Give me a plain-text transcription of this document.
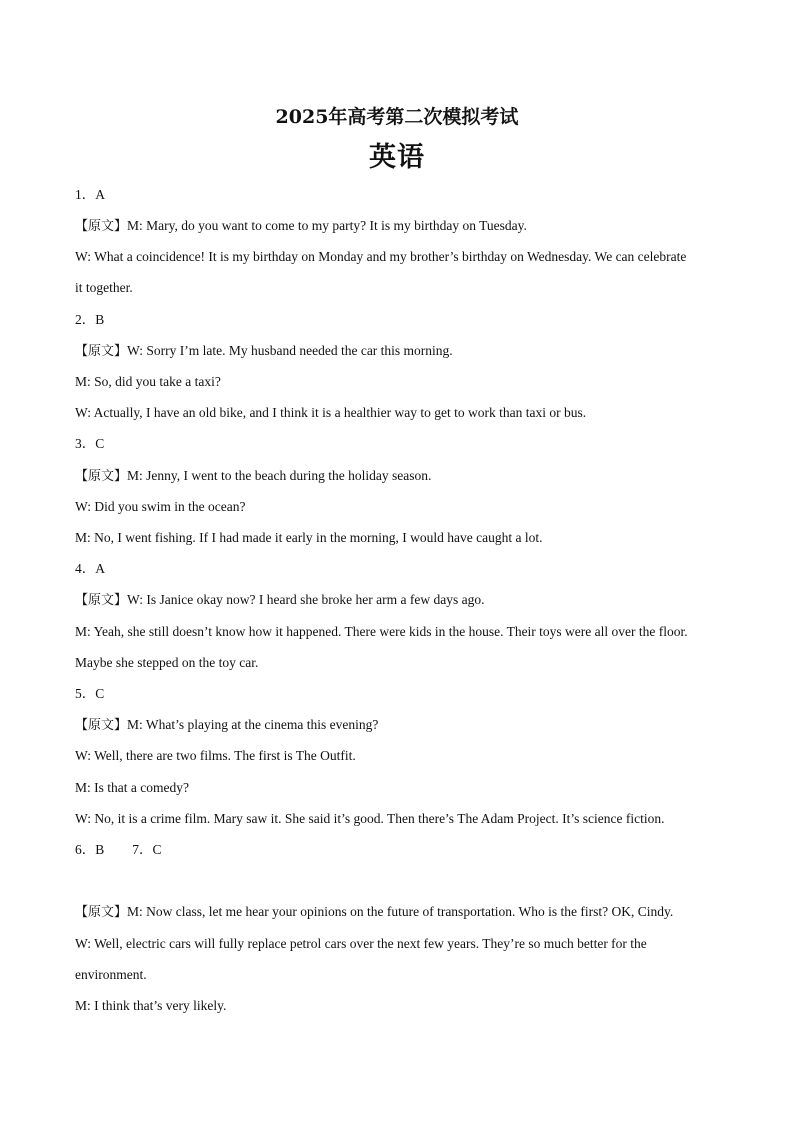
2025年高考第二次模拟考试
英语
1．A
【原文】M: Mary, do you want to come to my party? It is my birthday on Tuesday.
W: What a coincidence! It is my birthday on Monday and my brother’s birthday on Wednesday. We can celebrate
it together.
2．B
【原文】W: Sorry I’m late. My husband needed the car this morning.
M: So, did you take a taxi?
W: Actually, I have an old bike, and I think it is a healthier way to get to work than taxi or bus.
3．C
【原文】M: Jenny, I went to the beach during the holiday season.
W: Did you swim in the ocean?
M: No, I went fishing. If I had made it early in the morning, I would have caught a lot.
4．A
【原文】W: Is Janice okay now? I heard she broke her arm a few days ago.
M: Yeah, she still doesn’t know how it happened. There were kids in the house. Their toys were all over the floor.
Maybe she stepped on the toy car.
5．C
【原文】M: What’s playing at the cinema this evening?
W: Well, there are two films. The first is The Outfit.
M: Is that a comedy?
W: No, it is a crime film. Mary saw it. She said it’s good. Then there’s The Adam Project. It’s science fiction.
6．B 7．C
【原文】M: Now class, let me hear your opinions on the future of transportation. Who is the first? OK, Cindy.
W: Well, electric cars will fully replace petrol cars over the next few years. They’re so much better for the
environment.
M: I think that’s very likely.
